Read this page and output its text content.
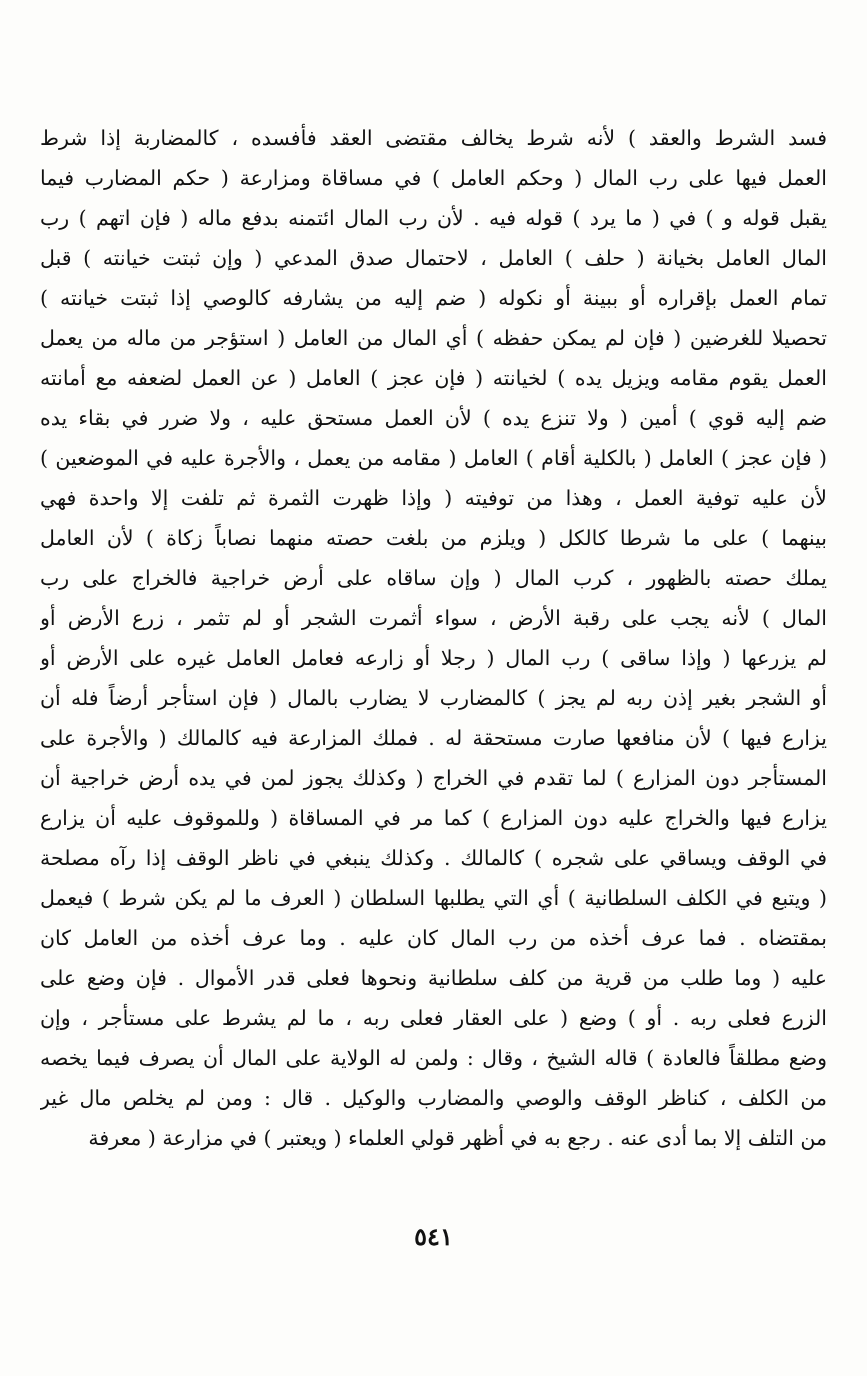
فسد الشرط والعقد ) لأنه شرط يخالف مقتضى العقد فأفسده ، كالمضاربة إذا شرط
العمل فيها على رب المال ( وحكم العامل ) في مساقاة ومزارعة ( حكم المضارب فيما
يقبل قوله و ) في ( ما يرد ) قوله فيه . لأن رب المال ائتمنه بدفع ماله ( فإن اتهم ) رب
المال العامل بخيانة ( حلف ) العامل ، لاحتمال صدق المدعي ( وإن ثبتت خيانته ) قبل
تمام العمل بإقراره أو ببينة أو نكوله ( ضم إليه من يشارفه كالوصي إذا ثبتت خيانته )
تحصيلا للغرضين ( فإن لم يمكن حفظه ) أي المال من العامل ( استؤجر من ماله من يعمل
العمل يقوم مقامه ويزيل يده ) لخيانته ( فإن عجز ) العامل ( عن العمل لضعفه مع أمانته
ضم إليه قوي ) أمين ( ولا تنزع يده ) لأن العمل مستحق عليه ، ولا ضرر في بقاء يده
( فإن عجز ) العامل ( بالكلية أقام ) العامل ( مقامه من يعمل ، والأجرة عليه في الموضعين )
لأن عليه توفية العمل ، وهذا من توفيته ( وإذا ظهرت الثمرة ثم تلفت إلا واحدة فهي
بينهما ) على ما شرطا كالكل ( ويلزم من بلغت حصته منهما نصاباً زكاة ) لأن العامل
يملك حصته بالظهور ، كرب المال ( وإن ساقاه على أرض خراجية فالخراج على رب
المال ) لأنه يجب على رقبة الأرض ، سواء أثمرت الشجر أو لم تثمر ، زرع الأرض أو
لم يزرعها ( وإذا ساقى ) رب المال ( رجلا أو زارعه فعامل العامل غيره على الأرض أو
أو الشجر بغير إذن ربه لم يجز ) كالمضارب لا يضارب بالمال ( فإن استأجر أرضاً فله أن
يزارع فيها ) لأن منافعها صارت مستحقة له . فملك المزارعة فيه كالمالك ( والأجرة على
المستأجر دون المزارع ) لما تقدم في الخراج ( وكذلك يجوز لمن في يده أرض خراجية أن
يزارع فيها والخراج عليه دون المزارع ) كما مر في المساقاة ( وللموقوف عليه أن يزارع
في الوقف ويساقي على شجره ) كالمالك . وكذلك ينبغي في ناظر الوقف إذا رآه مصلحة
( ويتبع في الكلف السلطانية ) أي التي يطلبها السلطان ( العرف ما لم يكن شرط ) فيعمل
بمقتضاه . فما عرف أخذه من رب المال كان عليه . وما عرف أخذه من العامل كان
عليه ( وما طلب من قرية من كلف سلطانية ونحوها فعلى قدر الأموال . فإن وضع على
الزرع فعلى ربه . أو ) وضع ( على العقار فعلى ربه ، ما لم يشرط على مستأجر ، وإن
وضع مطلقاً فالعادة ) قاله الشيخ ، وقال : ولمن له الولاية على المال أن يصرف فيما يخصه
من الكلف ، كناظر الوقف والوصي والمضارب والوكيل . قال : ومن لم يخلص مال غير
من التلف إلا بما أدى عنه . رجع به في أظهر قولي العلماء ( ويعتبر ) في مزارعة ( معرفة
٥٤١
